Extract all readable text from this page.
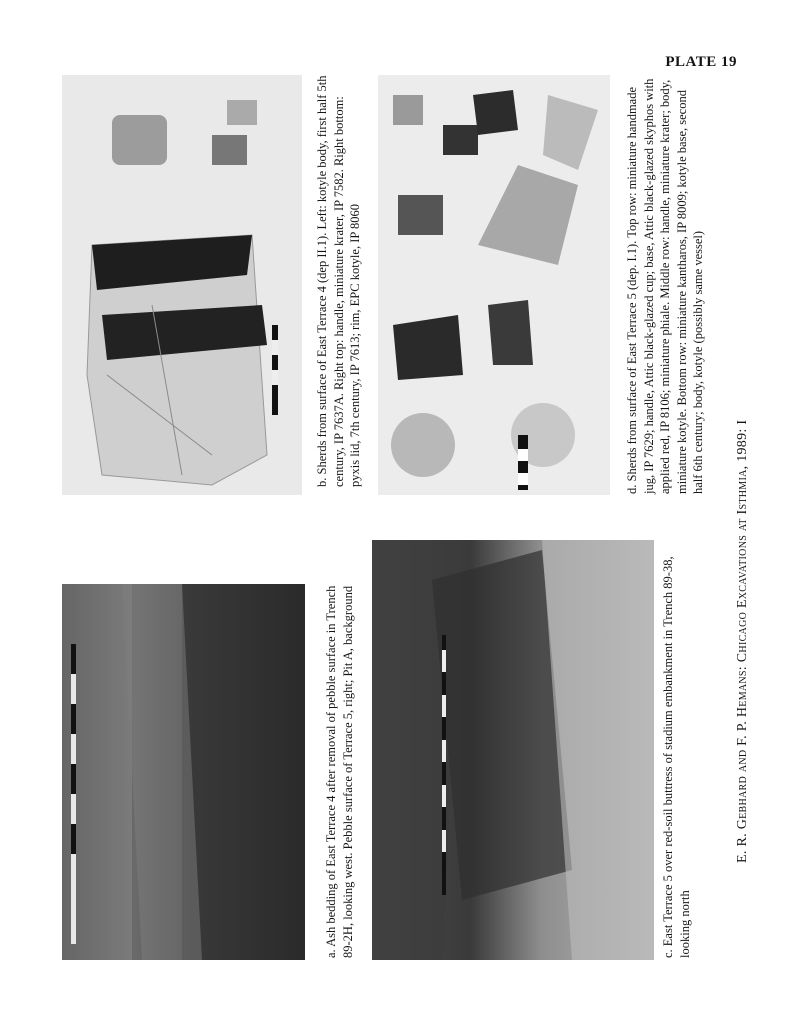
PLATE 19
a. Ash bedding of East Terrace 4 after removal of pebble surface in Trench 89-2H, looking west. Pebble surface of Terrace 5, right; Pit A, background
b. Sherds from surface of East Terrace 4 (dep II.1). Left: kotyle body, first half 5th century, IP 7637A. Right top: handle, miniature krater, IP 7582. Right bottom: pyxis lid, 7th century, IP 7613; rim, EPC kotyle, IP 8060
c. East Terrace 5 over red-soil buttress of stadium embankment in Trench 89-38, looking north
d. Sherds from surface of East Terrace 5 (dep. I.1). Top row: miniature handmade jug, IP 7629; handle, Attic black-glazed cup; base, Attic black-glazed skyphos with applied red, IP 8106; miniature phiale. Middle row: handle, miniature krater; body, miniature kotyle. Bottom row: miniature kantharos, IP 8009; kotyle base, second half 6th century; body, kotyle (possibly same vessel)
E. R. Gebhard and F. P. Hemans: Chicago Excavations at Isthmia, 1989: I
